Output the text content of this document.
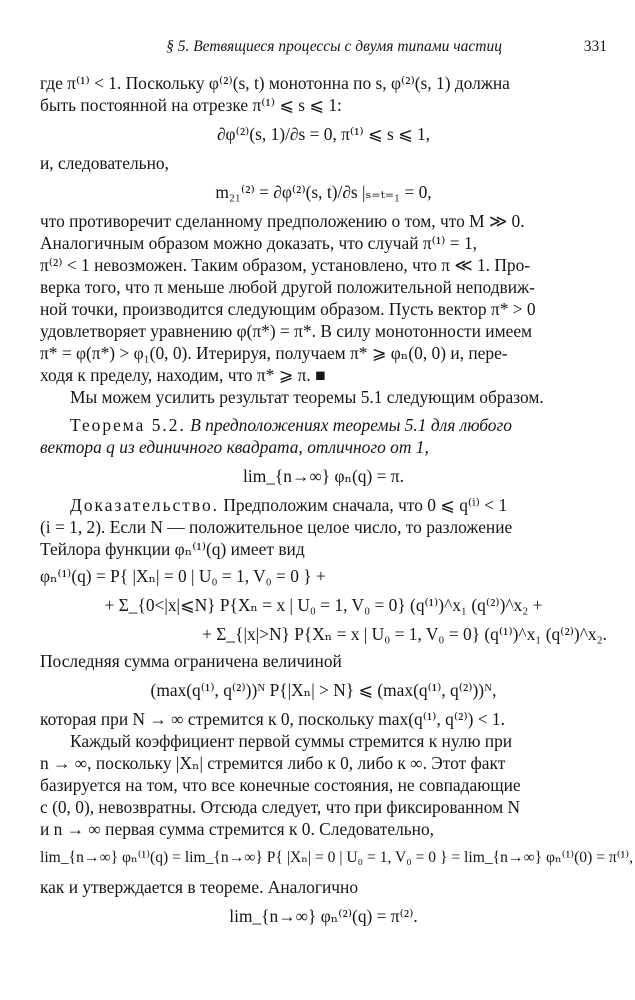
§ 5. Ветвящиеся процессы с двумя типами частиц	331

где π⁽¹⁾ < 1. Поскольку φ⁽²⁾(s, t) монотонна по s, φ⁽²⁾(s, 1) должна

быть постоянной на отрезке π⁽¹⁾ ⩽ s ⩽ 1:

∂φ⁽²⁾(s, 1)/∂s = 0, π⁽¹⁾ ⩽ s ⩽ 1,

и, следовательно,

m₂₁⁽²⁾ = ∂φ⁽²⁾(s, t)/∂s |ₛ₌ₜ₌₁ = 0,

что противоречит сделанному предположению о том, что M ≫ 0.

Аналогичным образом можно доказать, что случай π⁽¹⁾ = 1,

π⁽²⁾ < 1 невозможен. Таким образом, установлено, что π ≪ 1. Про-

верка того, что π меньше любой другой положительной неподвиж-

ной точки, производится следующим образом. Пусть вектор π* > 0

удовлетворяет уравнению φ(π*) = π*. В силу монотонности имеем

π* = φ(π*) > φ₁(0, 0). Итерируя, получаем π* ⩾ φₙ(0, 0) и, пере-

ходя к пределу, находим, что π* ⩾ π. ■

Мы можем усилить результат теоремы 5.1 следующим образом.

Теорема 5.2. В предположениях теоремы 5.1 для любого

вектора q из единичного квадрата, отличного от 1,

lim_{n→∞} φₙ(q) = π.

Доказательство. Предположим сначала, что 0 ⩽ q⁽ⁱ⁾ < 1

(i = 1, 2). Если N — положительное целое число, то разложение

Тейлора функции φₙ⁽¹⁾(q) имеет вид

φₙ⁽¹⁾(q) = P{ |Xₙ| = 0 | U₀ = 1, V₀ = 0 } +
+ Σ_{0<|x|⩽N} P{Xₙ = x | U₀ = 1, V₀ = 0} (q⁽¹⁾)^x₁ (q⁽²⁾)^x₂ +
+ Σ_{|x|>N} P{Xₙ = x | U₀ = 1, V₀ = 0} (q⁽¹⁾)^x₁ (q⁽²⁾)^x₂.

Последняя сумма ограничена величиной

(max(q⁽¹⁾, q⁽²⁾))ᴺ P{|Xₙ| > N} ⩽ (max(q⁽¹⁾, q⁽²⁾))ᴺ,

которая при N → ∞ стремится к 0, поскольку max(q⁽¹⁾, q⁽²⁾) < 1.

Каждый коэффициент первой суммы стремится к нулю при

n → ∞, поскольку |Xₙ| стремится либо к 0, либо к ∞. Этот факт

базируется на том, что все конечные состояния, не совпадающие

с (0, 0), невозвратны. Отсюда следует, что при фиксированном N

и n → ∞ первая сумма стремится к 0. Следовательно,

lim_{n→∞} φₙ⁽¹⁾(q) = lim_{n→∞} P{ |Xₙ| = 0 | U₀ = 1, V₀ = 0 } = lim_{n→∞} φₙ⁽¹⁾(0) = π⁽¹⁾,

как и утверждается в теореме. Аналогично

lim_{n→∞} φₙ⁽²⁾(q) = π⁽²⁾.
